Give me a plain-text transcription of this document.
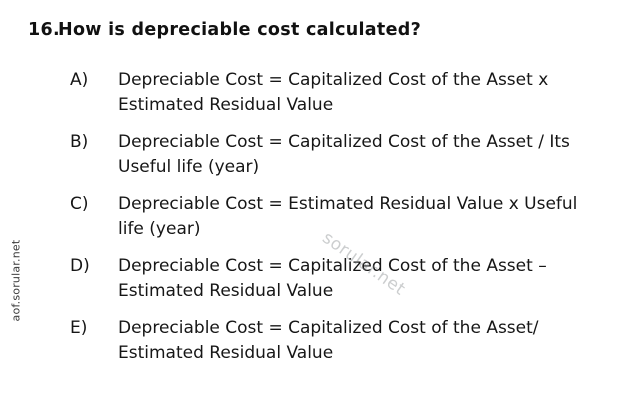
aof.sorular.net
16.
How is depreciable cost calculated?
A)	Depreciable Cost = Capitalized Cost of the Asset x Estimated Residual Value
B)	Depreciable Cost = Capitalized Cost of the Asset / Its Useful life (year)
C)	Depreciable Cost = Estimated Residual Value x Useful life (year)
D)	Depreciable Cost = Capitalized Cost of the Asset – Estimated Residual Value
E)	Depreciable Cost = Capitalized Cost of the Asset/ Estimated Residual Value
sorular.net
